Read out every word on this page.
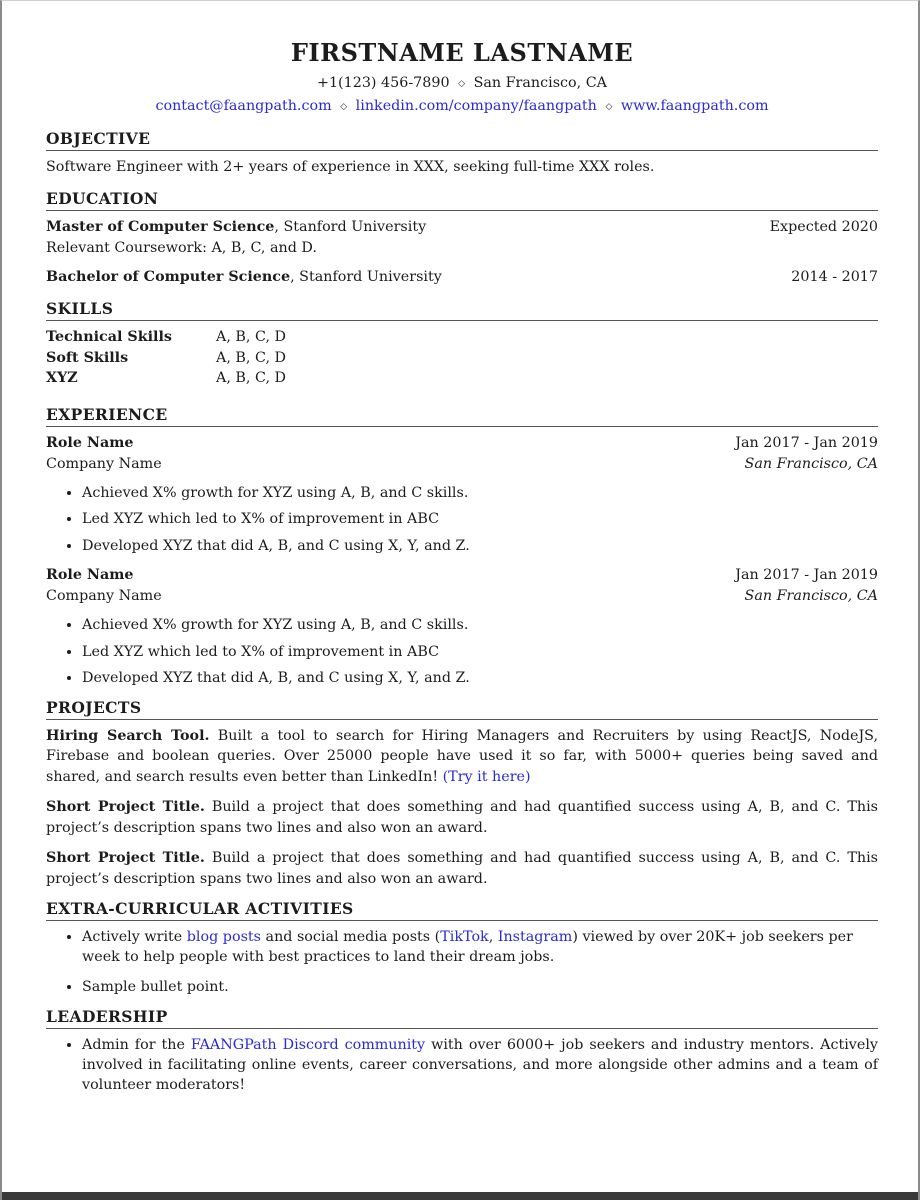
FIRSTNAME LASTNAME
+1(123) 456-7890 ◇ San Francisco, CA
contact@faangpath.com ◇ linkedin.com/company/faangpath ◇ www.faangpath.com
OBJECTIVE
Software Engineer with 2+ years of experience in XXX, seeking full-time XXX roles.
EDUCATION
Master of Computer Science, Stanford University	Expected 2020
Relevant Coursework: A, B, C, and D.
Bachelor of Computer Science, Stanford University	2014 - 2017
SKILLS
Technical Skills	A, B, C, D
Soft Skills	A, B, C, D
XYZ	A, B, C, D
EXPERIENCE
Role Name	Jan 2017 - Jan 2019
Company Name	San Francisco, CA
• Achieved X% growth for XYZ using A, B, and C skills.
• Led XYZ which led to X% of improvement in ABC
• Developed XYZ that did A, B, and C using X, Y, and Z.
Role Name	Jan 2017 - Jan 2019
Company Name	San Francisco, CA
• Achieved X% growth for XYZ using A, B, and C skills.
• Led XYZ which led to X% of improvement in ABC
• Developed XYZ that did A, B, and C using X, Y, and Z.
PROJECTS
Hiring Search Tool. Built a tool to search for Hiring Managers and Recruiters by using ReactJS, NodeJS, Firebase and boolean queries. Over 25000 people have used it so far, with 5000+ queries being saved and shared, and search results even better than LinkedIn! (Try it here)
Short Project Title. Build a project that does something and had quantified success using A, B, and C. This project’s description spans two lines and also won an award.
Short Project Title. Build a project that does something and had quantified success using A, B, and C. This project’s description spans two lines and also won an award.
EXTRA-CURRICULAR ACTIVITIES
• Actively write blog posts and social media posts (TikTok, Instagram) viewed by over 20K+ job seekers per week to help people with best practices to land their dream jobs.
• Sample bullet point.
LEADERSHIP
• Admin for the FAANGPath Discord community with over 6000+ job seekers and industry mentors. Actively involved in facilitating online events, career conversations, and more alongside other admins and a team of volunteer moderators!
